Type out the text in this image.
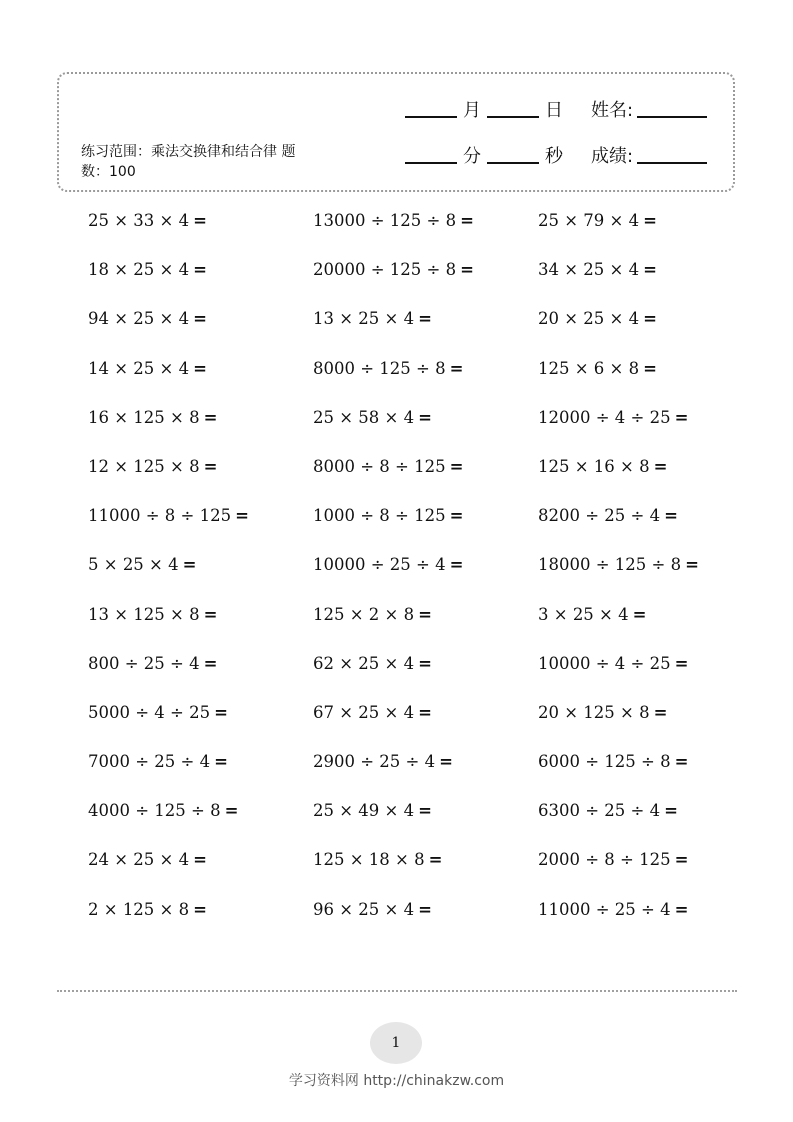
练习范围：乘法交换律和结合律 题数：100
月	日 姓名:
分	秒 成绩:
25 × 33 × 4 =	13000 ÷ 125 ÷ 8 =	25 × 79 × 4 =
18 × 25 × 4 =	20000 ÷ 125 ÷ 8 =	34 × 25 × 4 =
94 × 25 × 4 =	13 × 25 × 4 =	20 × 25 × 4 =
14 × 25 × 4 =	8000 ÷ 125 ÷ 8 =	125 × 6 × 8 =
16 × 125 × 8 =	25 × 58 × 4 =	12000 ÷ 4 ÷ 25 =
12 × 125 × 8 =	8000 ÷ 8 ÷ 125 =	125 × 16 × 8 =
11000 ÷ 8 ÷ 125 =	1000 ÷ 8 ÷ 125 =	8200 ÷ 25 ÷ 4 =
5 × 25 × 4 =	10000 ÷ 25 ÷ 4 =	18000 ÷ 125 ÷ 8 =
13 × 125 × 8 =	125 × 2 × 8 =	3 × 25 × 4 =
800 ÷ 25 ÷ 4 =	62 × 25 × 4 =	10000 ÷ 4 ÷ 25 =
5000 ÷ 4 ÷ 25 =	67 × 25 × 4 =	20 × 125 × 8 =
7000 ÷ 25 ÷ 4 =	2900 ÷ 25 ÷ 4 =	6000 ÷ 125 ÷ 8 =
4000 ÷ 125 ÷ 8 =	25 × 49 × 4 =	6300 ÷ 25 ÷ 4 =
24 × 25 × 4 =	125 × 18 × 8 =	2000 ÷ 8 ÷ 125 =
2 × 125 × 8 =	96 × 25 × 4 =	11000 ÷ 25 ÷ 4 =
1
学习资料网 http://chinakzw.com
